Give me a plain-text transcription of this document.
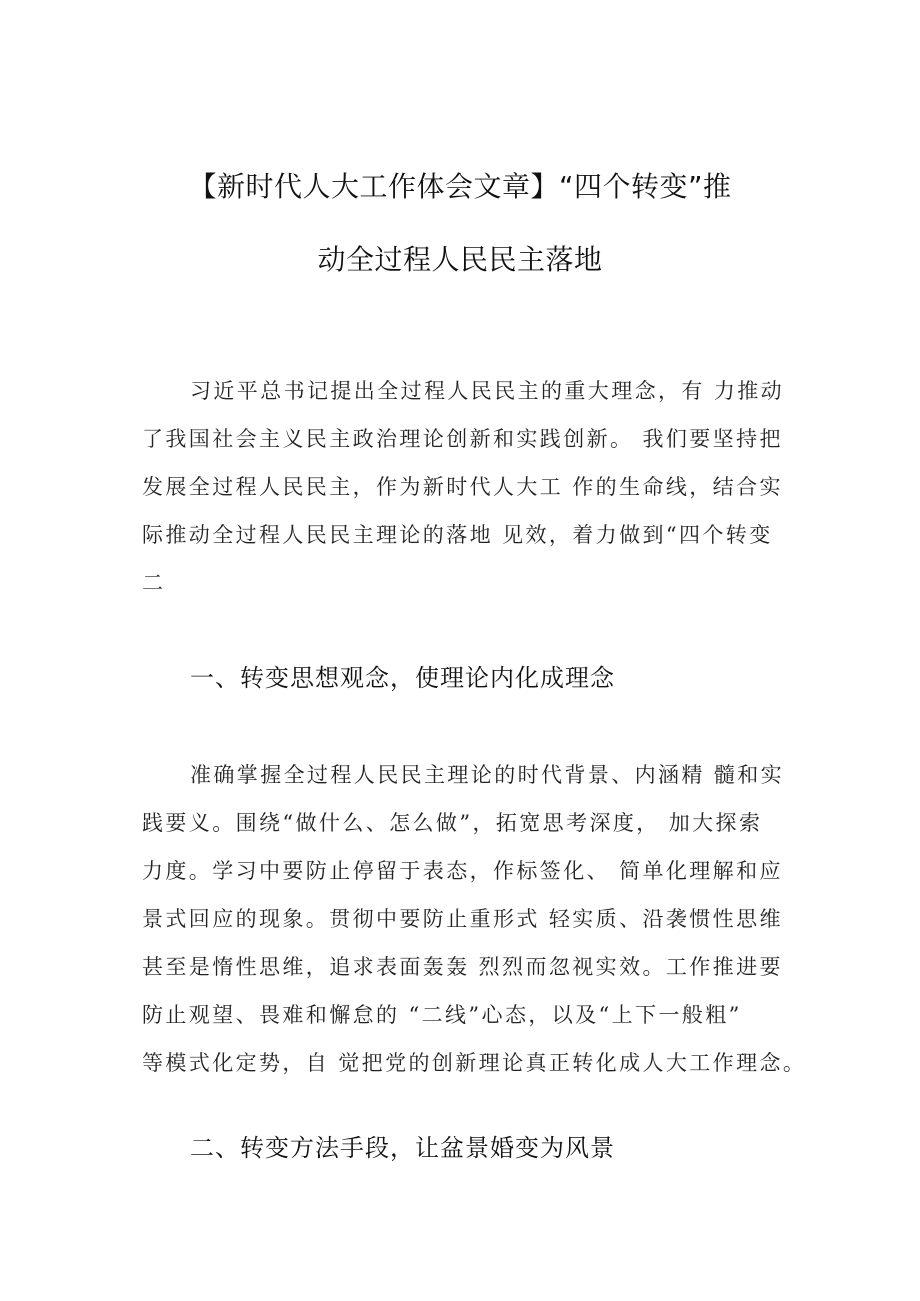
【新时代人大工作体会文章】“四个转变”推
动全过程人民民主落地
习近平总书记提出全过程人民民主的重大理念，有 力推动
了我国社会主义民主政治理论创新和实践创新。 我们要坚持把
发展全过程人民民主，作为新时代人大工 作的生命线，结合实
际推动全过程人民民主理论的落地 见效，着力做到“四个转变
二
一、转变思想观念，使理论内化成理念
准确掌握全过程人民民主理论的时代背景、内涵精 髓和实
践要义。围绕“做什么、怎么做”，拓宽思考深度， 加大探索
力度。学习中要防止停留于表态，作标签化、 简单化理解和应
景式回应的现象。贯彻中要防止重形式 轻实质、沿袭惯性思维
甚至是惰性思维，追求表面轰轰 烈烈而忽视实效。工作推进要
防止观望、畏难和懈怠的 “二线”心态，以及“上下一般粗”
等模式化定势，自 觉把党的创新理论真正转化成人大工作理念。
二、转变方法手段，让盆景婚变为风景
